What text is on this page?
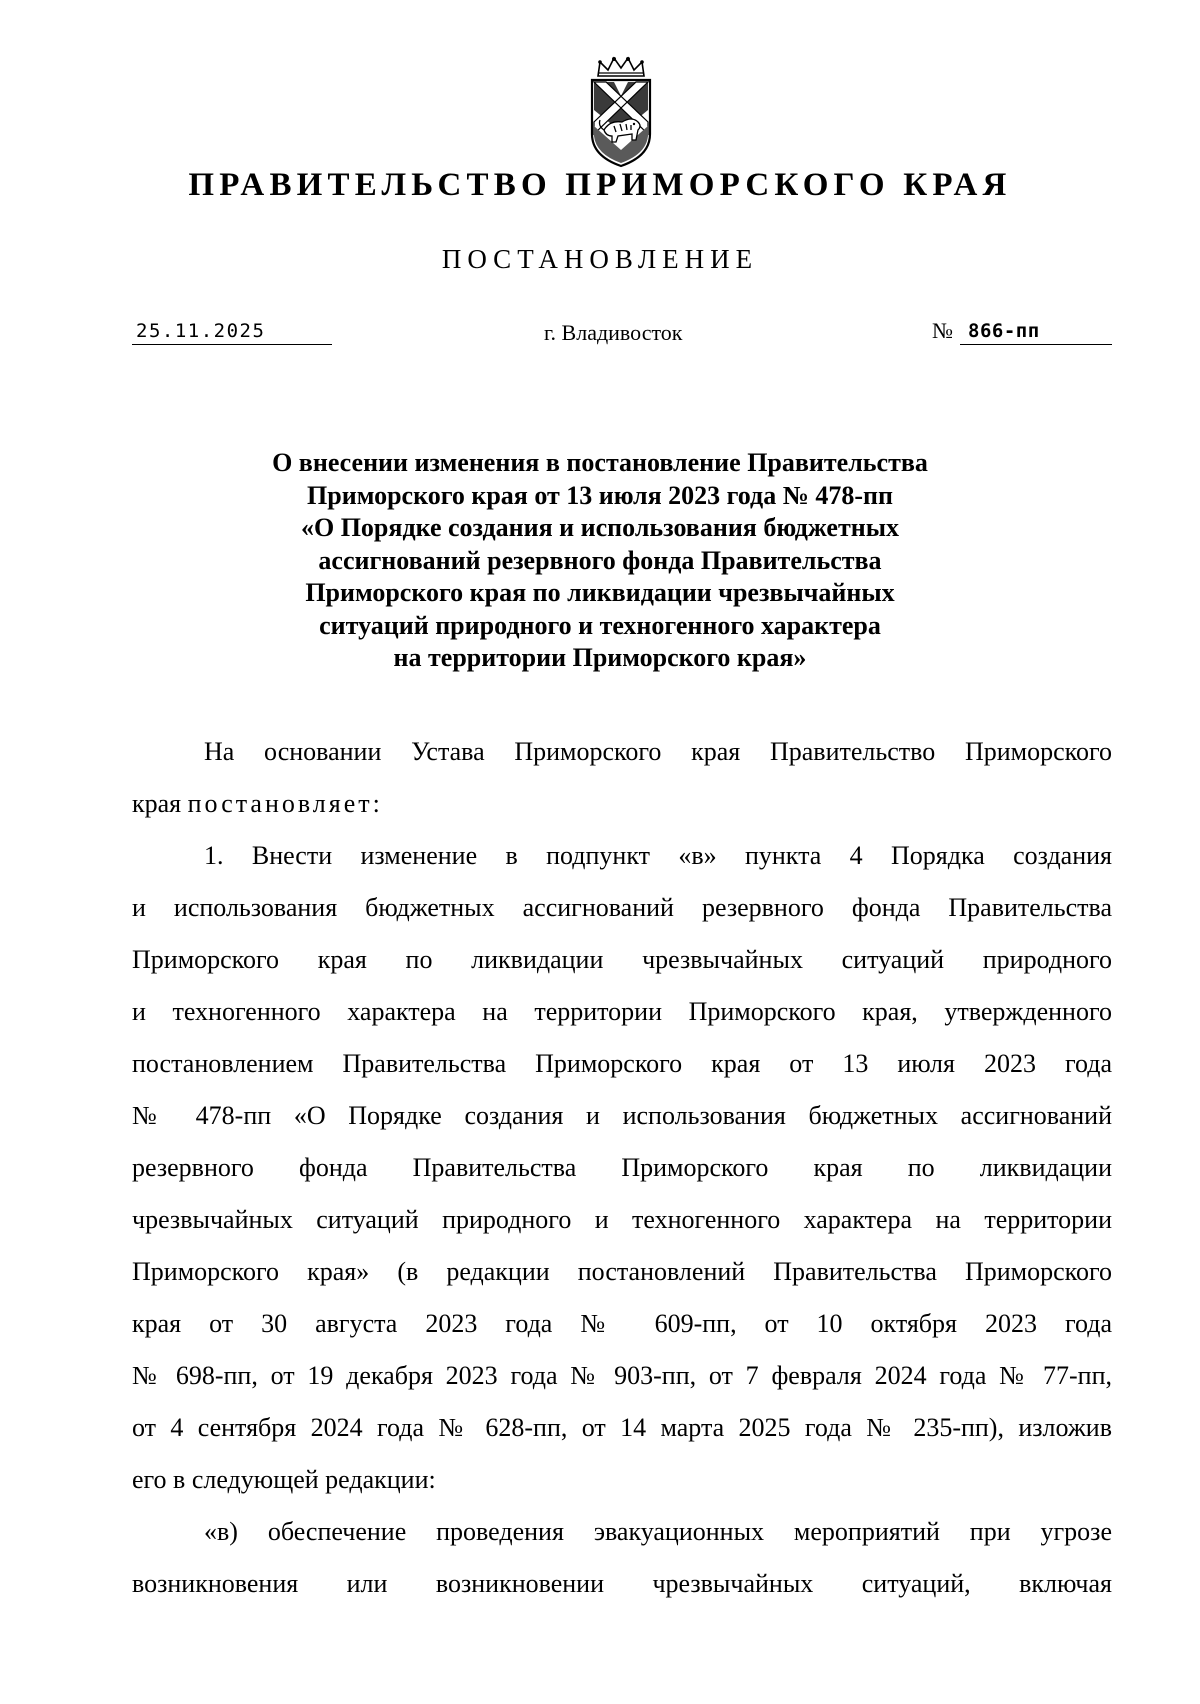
ПРАВИТЕЛЬСТВО ПРИМОРСКОГО КРАЯ
ПОСТАНОВЛЕНИЕ
25.11.2025	г. Владивосток	№ 866-пп
О внесении изменения в постановление Правительства
Приморского края от 13 июля 2023 года № 478-пп
«О Порядке создания и использования бюджетных
ассигнований резервного фонда Правительства
Приморского края по ликвидации чрезвычайных
ситуаций природного и техногенного характера
на территории Приморского края»
На основании Устава Приморского края Правительство Приморского
края постановляет:
1. Внести изменение в подпункт «в» пункта 4 Порядка создания
и использования бюджетных ассигнований резервного фонда Правительства
Приморского края по ликвидации чрезвычайных ситуаций природного
и техногенного характера на территории Приморского края, утвержденного
постановлением Правительства Приморского края от 13 июля 2023 года
№ 478-пп «О Порядке создания и использования бюджетных ассигнований
резервного фонда Правительства Приморского края по ликвидации
чрезвычайных ситуаций природного и техногенного характера на территории
Приморского края» (в редакции постановлений Правительства Приморского
края от 30 августа 2023 года № 609-пп, от 10 октября 2023 года
№ 698-пп, от 19 декабря 2023 года № 903-пп, от 7 февраля 2024 года № 77-пп,
от 4 сентября 2024 года № 628-пп, от 14 марта 2025 года № 235-пп), изложив
его в следующей редакции:
«в) обеспечение проведения эвакуационных мероприятий при угрозе
возникновения или возникновении чрезвычайных ситуаций, включая
